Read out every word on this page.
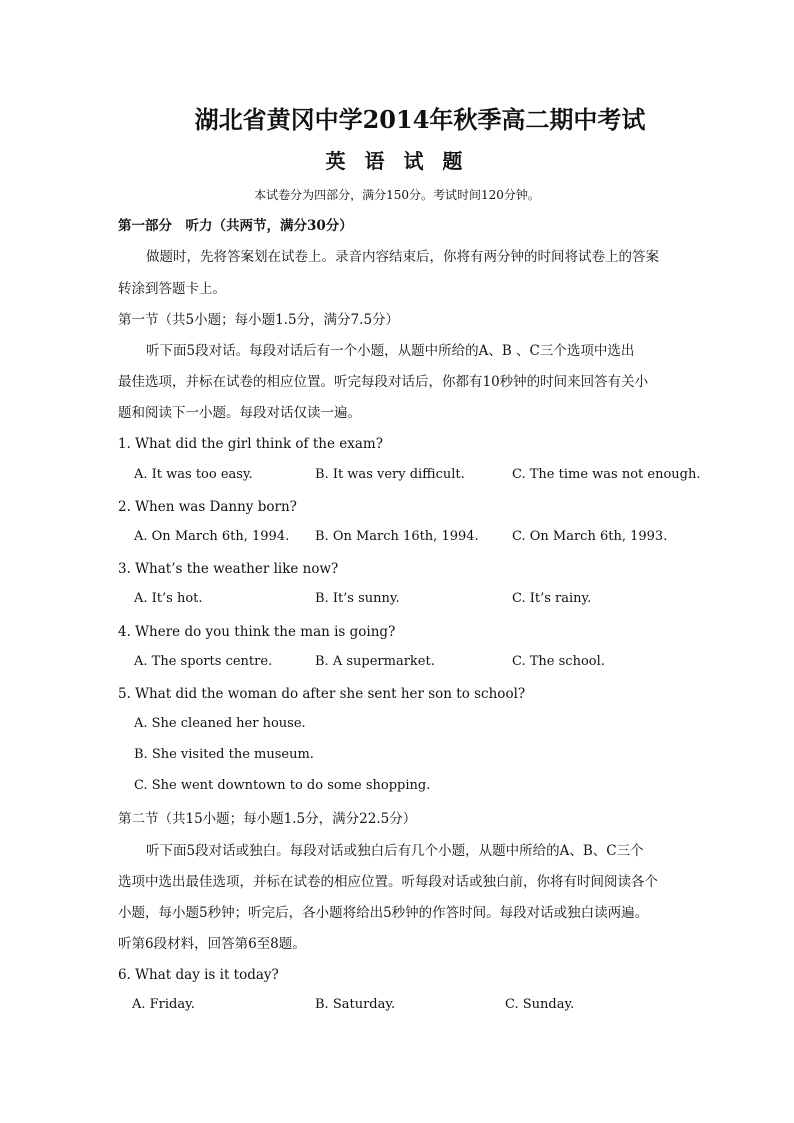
湖北省黄冈中学2014年秋季高二期中考试
英 语 试 题
本试卷分为四部分，满分150分。考试时间120分钟。
第一部分　听力（共两节，满分30分）
做题时，先将答案划在试卷上。录音内容结束后，你将有两分钟的时间将试卷上的答案
转涂到答题卡上。
第一节（共5小题；每小题1.5分，满分7.5分）
听下面5段对话。每段对话后有一个小题，从题中所给的A、B 、C三个选项中选出
最佳选项，并标在试卷的相应位置。听完每段对话后，你都有10秒钟的时间来回答有关小
题和阅读下一小题。每段对话仅读一遍。
1. What did the girl think of the exam?
A. It was too easy.	B. It was very difficult.	C. The time was not enough.
2. When was Danny born?
A. On March 6th, 1994. B. On March 16th, 1994.	C. On March 6th, 1993.
3. What’s the weather like now?
A. It’s hot.	B. It’s sunny.	C. It’s rainy.
4. Where do you think the man is going?
A. The sports centre.	B. A supermarket.	C. The school.
5. What did the woman do after she sent her son to school?
A. She cleaned her house.
B. She visited the museum.
C. She went downtown to do some shopping.
第二节（共15小题；每小题1.5分，满分22.5分）
听下面5段对话或独白。每段对话或独白后有几个小题，从题中所给的A、B、C三个
选项中选出最佳选项，并标在试卷的相应位置。听每段对话或独白前，你将有时间阅读各个
小题，每小题5秒钟；听完后，各小题将给出5秒钟的作答时间。每段对话或独白读两遍。
听第6段材料，回答第6至8题。
6. What day is it today?
A. Friday.	B. Saturday.	C. Sunday.
